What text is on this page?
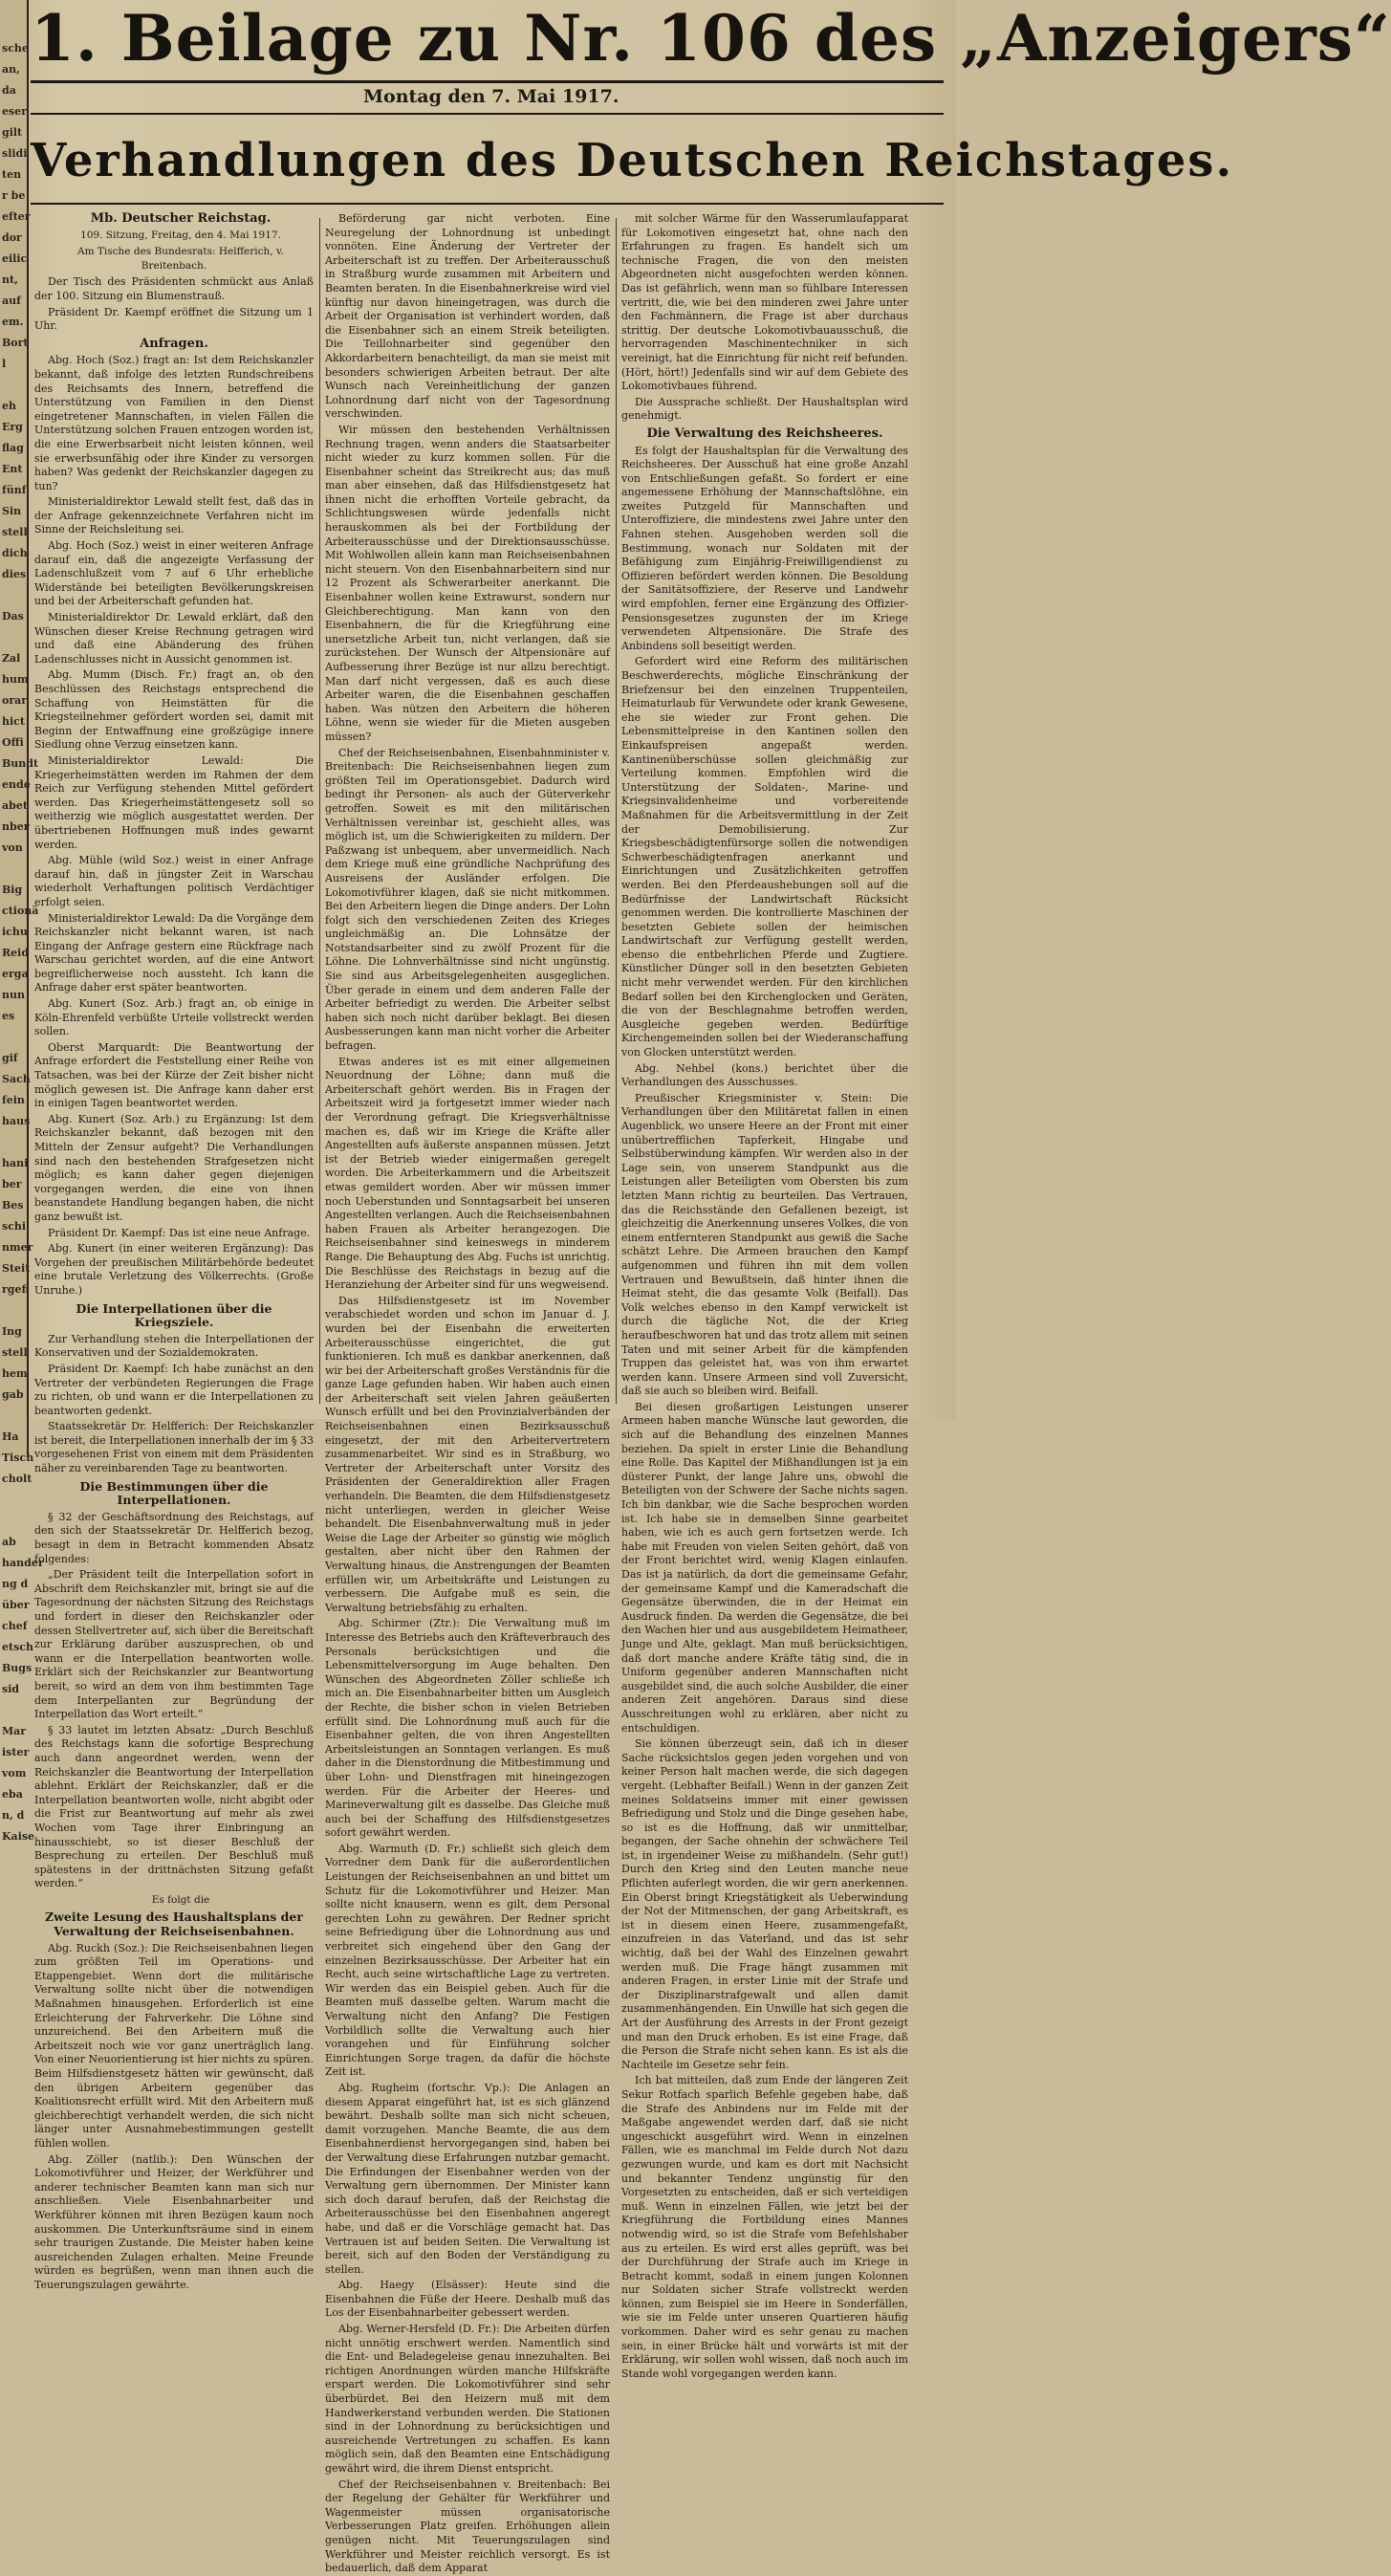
sche
an,
da
eser
gilt
slidi
ten
r be
efter
dor
eilic
nt,
auf
em.
Bort
l

eh
Erg
flag
Ent
fünf
Sin
stell
dich
dies

Das

Zal
hum
orar
hict
Offi
Bundt
ende
abet
nber
von

Big
ctionä
ichu
Reid
erga
nun
es

gif
Sach
fein
haus

hani
ber
Bes
schi
nmer
Steit
rgefi

Ing
stell
hem
gab

Ha
Tisch
cholt

ab
hander
ng d
über
chef
etsch
Bugs
sid

Mar
ister
vom
eba
n, d
Kaise
1. Beilage zu Nr. 106 des „Anzeigers“
Montag den 7. Mai 1917.
Verhandlungen des Deutschen Reichstages.

Mb. Deutscher Reichstag.

109. Sitzung, Freitag, den 4. Mai 1917.

Am Tische des Bundesrats: Helfferich, v. Breitenbach.

Der Tisch des Präsidenten schmückt aus Anlaß der 100. Sitzung ein Blumenstrauß.

Präsident Dr. Kaempf eröffnet die Sitzung um 1 Uhr.

Anfragen.

Abg. Hoch (Soz.) fragt an: Ist dem Reichskanzler bekannt, daß infolge des letzten Rundschreibens des Reichsamts des Innern, betreffend die Unterstützung von Familien in den Dienst eingetretener Mannschaften, in vielen Fällen die Unterstützung solchen Frauen entzogen worden ist, die eine Erwerbsarbeit nicht leisten können, weil sie erwerbsunfähig oder ihre Kinder zu versorgen haben? Was gedenkt der Reichskanzler dagegen zu tun?

Ministerialdirektor Lewald stellt fest, daß das in der Anfrage gekennzeichnete Verfahren nicht im Sinne der Reichsleitung sei.

Abg. Hoch (Soz.) weist in einer weiteren Anfrage darauf ein, daß die angezeigte Verfassung der Ladenschlußzeit vom 7 auf 6 Uhr erhebliche Widerstände bei beteiligten Bevölkerungskreisen und bei der Arbeiterschaft gefunden hat.

Ministerialdirektor Dr. Lewald erklärt, daß den Wünschen dieser Kreise Rechnung getragen wird und daß eine Abänderung des frühen Ladenschlusses nicht in Aussicht genommen ist.

Abg. Mumm (Disch. Fr.) fragt an, ob den Beschlüssen des Reichstags entsprechend die Schaffung von Heimstätten für die Kriegsteilnehmer gefördert worden sei, damit mit Beginn der Entwaffnung eine großzügige innere Siedlung ohne Verzug einsetzen kann.

Ministerialdirektor Lewald: Die Kriegerheimstätten werden im Rahmen der dem Reich zur Verfügung stehenden Mittel gefördert werden. Das Kriegerheimstättengesetz soll so weitherzig wie möglich ausgestattet werden. Der übertriebenen Hoffnungen muß indes gewarnt werden.

Abg. Mühle (wild Soz.) weist in einer Anfrage darauf hin, daß in jüngster Zeit in Warschau wiederholt Verhaftungen politisch Verdächtiger erfolgt seien.

Ministerialdirektor Lewald: Da die Vorgänge dem Reichskanzler nicht bekannt waren, ist nach Eingang der Anfrage gestern eine Rückfrage nach Warschau gerichtet worden, auf die eine Antwort begreiflicherweise noch aussteht. Ich kann die Anfrage daher erst später beantworten.

Abg. Kunert (Soz. Arb.) fragt an, ob einige in Köln-Ehrenfeld verbüßte Urteile vollstreckt werden sollen.

Oberst Marquardt: Die Beantwortung der Anfrage erfordert die Feststellung einer Reihe von Tatsachen, was bei der Kürze der Zeit bisher nicht möglich gewesen ist. Die Anfrage kann daher erst in einigen Tagen beantwortet werden.

Abg. Kunert (Soz. Arb.) zu Ergänzung: Ist dem Reichskanzler bekannt, daß bezogen mit den Mitteln der Zensur aufgeht? Die Verhandlungen sind nach den bestehenden Strafgesetzen nicht möglich; es kann daher gegen diejenigen vorgegangen werden, die eine von ihnen beanstandete Handlung begangen haben, die nicht ganz bewußt ist.

Präsident Dr. Kaempf: Das ist eine neue Anfrage.

Abg. Kunert (in einer weiteren Ergänzung): Das Vorgehen der preußischen Militärbehörde bedeutet eine brutale Verletzung des Völkerrechts. (Große Unruhe.)

Die Interpellationen über die Kriegsziele.

Zur Verhandlung stehen die Interpellationen der Konservativen und der Sozialdemokraten.

Präsident Dr. Kaempf: Ich habe zunächst an den Vertreter der verbündeten Regierungen die Frage zu richten, ob und wann er die Interpellationen zu beantworten gedenkt.

Staatssekretär Dr. Helfferich: Der Reichskanzler ist bereit, die Interpellationen innerhalb der im § 33 vorgesehenen Frist von einem mit dem Präsidenten näher zu vereinbarenden Tage zu beantworten.

Die Bestimmungen über die Interpellationen.

§ 32 der Geschäftsordnung des Reichstags, auf den sich der Staatssekretär Dr. Helfferich bezog, besagt in dem in Betracht kommenden Absatz folgendes:

„Der Präsident teilt die Interpellation sofort in Abschrift dem Reichskanzler mit, bringt sie auf die Tagesordnung der nächsten Sitzung des Reichstags und fordert in dieser den Reichskanzler oder dessen Stellvertreter auf, sich über die Bereitschaft zur Erklärung darüber auszusprechen, ob und wann er die Interpellation beantworten wolle. Erklärt sich der Reichskanzler zur Beantwortung bereit, so wird an dem von ihm bestimmten Tage dem Interpellanten zur Begründung der Interpellation das Wort erteilt.“

§ 33 lautet im letzten Absatz: „Durch Beschluß des Reichstags kann die sofortige Besprechung auch dann angeordnet werden, wenn der Reichskanzler die Beantwortung der Interpellation ablehnt. Erklärt der Reichskanzler, daß er die Interpellation beantworten wolle, nicht abgibt oder die Frist zur Beantwortung auf mehr als zwei Wochen vom Tage ihrer Einbringung an hinausschiebt, so ist dieser Beschluß der Besprechung zu erteilen. Der Beschluß muß spätestens in der drittnächsten Sitzung gefaßt werden.“

Es folgt die

Zweite Lesung des Haushaltsplans der Verwaltung der Reichseisenbahnen.

Abg. Ruckh (Soz.): Die Reichseisenbahnen liegen zum größten Teil im Operations- und Etappengebiet. Wenn dort die militärische Verwaltung sollte nicht über die notwendigen Maßnahmen hinausgehen. Erforderlich ist eine Erleichterung der Fahrverkehr. Die Löhne sind unzureichend. Bei den Arbeitern muß die Arbeitszeit noch wie vor ganz unerträglich lang. Von einer Neuorientierung ist hier nichts zu spüren. Beim Hilfsdienstgesetz hätten wir gewünscht, daß den übrigen Arbeitern gegenüber das Koalitionsrecht erfüllt wird. Mit den Arbeitern muß gleichberechtigt verhandelt werden, die sich nicht länger unter Ausnahmebestimmungen gestellt fühlen wollen.

Abg. Zöller (natlib.): Den Wünschen der Lokomotivführer und Heizer, der Werkführer und anderer technischer Beamten kann man sich nur anschließen. Viele Eisenbahnarbeiter und Werkführer können mit ihren Bezügen kaum noch auskommen. Die Unterkunftsräume sind in einem sehr traurigen Zustande. Die Meister haben keine ausreichenden Zulagen erhalten. Meine Freunde würden es begrüßen, wenn man ihnen auch die Teuerungszulagen gewährte.

Beförderung gar nicht verboten. Eine Neuregelung der Lohnordnung ist unbedingt vonnöten. Eine Änderung der Vertreter der Arbeiterschaft ist zu treffen. Der Arbeiterausschuß in Straßburg wurde zusammen mit Arbeitern und Beamten beraten. In die Eisenbahnerkreise wird viel künftig nur davon hineingetragen, was durch die Arbeit der Organisation ist verhindert worden, daß die Eisenbahner sich an einem Streik beteiligten. Die Teillohnarbeiter sind gegenüber den Akkordarbeitern benachteiligt, da man sie meist mit besonders schwierigen Arbeiten betraut. Der alte Wunsch nach Vereinheitlichung der ganzen Lohnordnung darf nicht von der Tagesordnung verschwinden.

Wir müssen den bestehenden Verhältnissen Rechnung tragen, wenn anders die Staatsarbeiter nicht wieder zu kurz kommen sollen. Für die Eisenbahner scheint das Streikrecht aus; das muß man aber einsehen, daß das Hilfsdienstgesetz hat ihnen nicht die erhofften Vorteile gebracht, da Schlichtungswesen würde jedenfalls nicht herauskommen als bei der Fortbildung der Arbeiterausschüsse und der Direktionsausschüsse. Mit Wohlwollen allein kann man Reichseisenbahnen nicht steuern. Von den Eisenbahnarbeitern sind nur 12 Prozent als Schwerarbeiter anerkannt. Die Eisenbahner wollen keine Extrawurst, sondern nur Gleichberechtigung. Man kann von den Eisenbahnern, die für die Kriegführung eine unersetzliche Arbeit tun, nicht verlangen, daß sie zurückstehen. Der Wunsch der Altpensionäre auf Aufbesserung ihrer Bezüge ist nur allzu berechtigt. Man darf nicht vergessen, daß es auch diese Arbeiter waren, die die Eisenbahnen geschaffen haben. Was nützen den Arbeitern die höheren Löhne, wenn sie wieder für die Mieten ausgeben müssen?

Chef der Reichseisenbahnen, Eisenbahnminister v. Breitenbach: Die Reichseisenbahnen liegen zum größten Teil im Operationsgebiet. Dadurch wird bedingt ihr Personen- als auch der Güterverkehr getroffen. Soweit es mit den militärischen Verhältnissen vereinbar ist, geschieht alles, was möglich ist, um die Schwierigkeiten zu mildern. Der Paßzwang ist unbequem, aber unvermeidlich. Nach dem Kriege muß eine gründliche Nachprüfung des Ausreisens der Ausländer erfolgen. Die Lokomotivführer klagen, daß sie nicht mitkommen. Bei den Arbeitern liegen die Dinge anders. Der Lohn folgt sich den verschiedenen Zeiten des Krieges ungleichmäßig an. Die Lohnsätze der Notstandsarbeiter sind zu zwölf Prozent für die Löhne. Die Lohnverhältnisse sind nicht ungünstig. Sie sind aus Arbeitsgelegenheiten ausgeglichen. Über gerade in einem und dem anderen Falle der Arbeiter befriedigt zu werden. Die Arbeiter selbst haben sich noch nicht darüber beklagt. Bei diesen Ausbesserungen kann man nicht vorher die Arbeiter befragen.

Etwas anderes ist es mit einer allgemeinen Neuordnung der Löhne; dann muß die Arbeiterschaft gehört werden. Bis in Fragen der Arbeitszeit wird ja fortgesetzt immer wieder nach der Verordnung gefragt. Die Kriegsverhältnisse machen es, daß wir im Kriege die Kräfte aller Angestellten aufs äußerste anspannen müssen. Jetzt ist der Betrieb wieder einigermaßen geregelt worden. Die Arbeiterkammern und die Arbeitszeit etwas gemildert worden. Aber wir müssen immer noch Ueberstunden und Sonntagsarbeit bei unseren Angestellten verlangen. Auch die Reichseisenbahnen haben Frauen als Arbeiter herangezogen. Die Reichseisenbahner sind keineswegs in minderem Range. Die Behauptung des Abg. Fuchs ist unrichtig. Die Beschlüsse des Reichstags in bezug auf die Heranziehung der Arbeiter sind für uns wegweisend.

Das Hilfsdienstgesetz ist im November verabschiedet worden und schon im Januar d. J. wurden bei der Eisenbahn die erweiterten Arbeiterausschüsse eingerichtet, die gut funktionieren. Ich muß es dankbar anerkennen, daß wir bei der Arbeiterschaft großes Verständnis für die ganze Lage gefunden haben. Wir haben auch einen der Arbeiterschaft seit vielen Jahren geäußerten Wunsch erfüllt und bei den Provinzialverbänden der Reichseisenbahnen einen Bezirksausschuß eingesetzt, der mit den Arbeitervertretern zusammenarbeitet. Wir sind es in Straßburg, wo Vertreter der Arbeiterschaft unter Vorsitz des Präsidenten der Generaldirektion aller Fragen verhandeln. Die Beamten, die dem Hilfsdienstgesetz nicht unterliegen, werden in gleicher Weise behandelt. Die Eisenbahnverwaltung muß in jeder Weise die Lage der Arbeiter so günstig wie möglich gestalten, aber nicht über den Rahmen der Verwaltung hinaus, die Anstrengungen der Beamten erfüllen wir, um Arbeitskräfte und Leistungen zu verbessern. Die Aufgabe muß es sein, die Verwaltung betriebsfähig zu erhalten.

Abg. Schirmer (Ztr.): Die Verwaltung muß im Interesse des Betriebs auch den Kräfteverbrauch des Personals berücksichtigen und die Lebensmittelversorgung im Auge behalten. Den Wünschen des Abgeordneten Zöller schließe ich mich an. Die Eisenbahnarbeiter bitten um Ausgleich der Rechte, die bisher schon in vielen Betrieben erfüllt sind. Die Lohnordnung muß auch für die Eisenbahner gelten, die von ihren Angestellten Arbeitsleistungen an Sonntagen verlangen. Es muß daher in die Dienstordnung die Mitbestimmung und über Lohn- und Dienstfragen mit hineingezogen werden. Für die Arbeiter der Heeres- und Marineverwaltung gilt es dasselbe. Das Gleiche muß auch bei der Schaffung des Hilfsdienstgesetzes sofort gewährt werden.

Abg. Warmuth (D. Fr.) schließt sich gleich dem Vorredner dem Dank für die außerordentlichen Leistungen der Reichseisenbahnen an und bittet um Schutz für die Lokomotivführer und Heizer. Man sollte nicht knausern, wenn es gilt, dem Personal gerechten Lohn zu gewähren. Der Redner spricht seine Befriedigung über die Lohnordnung aus und verbreitet sich eingehend über den Gang der einzelnen Bezirksausschüsse. Der Arbeiter hat ein Recht, auch seine wirtschaftliche Lage zu vertreten. Wir werden das ein Beispiel geben. Auch für die Beamten muß dasselbe gelten. Warum macht die Verwaltung nicht den Anfang? Die Festigen Vorbildlich sollte die Verwaltung auch hier vorangehen und für Einführung solcher Einrichtungen Sorge tragen, da dafür die höchste Zeit ist.

Abg. Rugheim (fortschr. Vp.): Die Anlagen an diesem Apparat eingeführt hat, ist es sich glänzend bewährt. Deshalb sollte man sich nicht scheuen, damit vorzugehen. Manche Beamte, die aus dem Eisenbahnerdienst hervorgegangen sind, haben bei der Verwaltung diese Erfahrungen nutzbar gemacht. Die Erfindungen der Eisenbahner werden von der Verwaltung gern übernommen. Der Minister kann sich doch darauf berufen, daß der Reichstag die Arbeiterausschüsse bei den Eisenbahnen angeregt habe, und daß er die Vorschläge gemacht hat. Das Vertrauen ist auf beiden Seiten. Die Verwaltung ist bereit, sich auf den Boden der Verständigung zu stellen.

Abg. Haegy (Elsässer): Heute sind die Eisenbahnen die Füße der Heere. Deshalb muß das Los der Eisenbahnarbeiter gebessert werden.

Abg. Werner-Hersfeld (D. Fr.): Die Arbeiten dürfen nicht unnötig erschwert werden. Namentlich sind die Ent- und Beladegeleise genau innezuhalten. Bei richtigen Anordnungen würden manche Hilfskräfte erspart werden. Die Lokomotivführer sind sehr überbürdet. Bei den Heizern muß mit dem Handwerkerstand verbunden werden. Die Stationen sind in der Lohnordnung zu berücksichtigen und ausreichende Vertretungen zu schaffen. Es kann möglich sein, daß den Beamten eine Entschädigung gewährt wird, die ihrem Dienst entspricht.

Chef der Reichseisenbahnen v. Breitenbach: Bei der Regelung der Gehälter für Werkführer und Wagenmeister müssen organisatorische Verbesserungen Platz greifen. Erhöhungen allein genügen nicht. Mit Teuerungszulagen sind Werkführer und Meister reichlich versorgt. Es ist bedauerlich, daß dem Apparat

mit solcher Wärme für den Wasserumlaufapparat für Lokomotiven eingesetzt hat, ohne nach den Erfahrungen zu fragen. Es handelt sich um technische Fragen, die von den meisten Abgeordneten nicht ausgefochten werden können. Das ist gefährlich, wenn man so fühlbare Interessen vertritt, die, wie bei den minderen zwei Jahre unter den Fachmännern, die Frage ist aber durchaus strittig. Der deutsche Lokomotivbauausschuß, die hervorragenden Maschinentechniker in sich vereinigt, hat die Einrichtung für nicht reif befunden. (Hört, hört!) Jedenfalls sind wir auf dem Gebiete des Lokomotivbaues führend.

Die Aussprache schließt. Der Haushaltsplan wird genehmigt.

Die Verwaltung des Reichsheeres.

Es folgt der Haushaltsplan für die Verwaltung des Reichsheeres. Der Ausschuß hat eine große Anzahl von Entschließungen gefaßt. So fordert er eine angemessene Erhöhung der Mannschaftslöhne, ein zweites Putzgeld für Mannschaften und Unteroffiziere, die mindestens zwei Jahre unter den Fahnen stehen. Ausgehoben werden soll die Bestimmung, wonach nur Soldaten mit der Befähigung zum Einjährig-Freiwilligendienst zu Offizieren befördert werden können. Die Besoldung der Sanitätsoffiziere, der Reserve und Landwehr wird empfohlen, ferner eine Ergänzung des Offizier-Pensionsgesetzes zugunsten der im Kriege verwendeten Altpensionäre. Die Strafe des Anbindens soll beseitigt werden.

Gefordert wird eine Reform des militärischen Beschwerderechts, mögliche Einschränkung der Briefzensur bei den einzelnen Truppenteilen, Heimaturlaub für Verwundete oder krank Gewesene, ehe sie wieder zur Front gehen. Die Lebensmittelpreise in den Kantinen sollen den Einkaufspreisen angepaßt werden. Kantinenüberschüsse sollen gleichmäßig zur Verteilung kommen. Empfohlen wird die Unterstützung der Soldaten-, Marine- und Kriegsinvalidenheime und vorbereitende Maßnahmen für die Arbeitsvermittlung in der Zeit der Demobilisierung. Zur Kriegsbeschädigtenfürsorge sollen die notwendigen Schwerbeschädigtenfragen anerkannt und Einrichtungen und Zusätzlichkeiten getroffen werden. Bei den Pferdeaushebungen soll auf die Bedürfnisse der Landwirtschaft Rücksicht genommen werden. Die kontrollierte Maschinen der besetzten Gebiete sollen der heimischen Landwirtschaft zur Verfügung gestellt werden, ebenso die entbehrlichen Pferde und Zugtiere. Künstlicher Dünger soll in den besetzten Gebieten nicht mehr verwendet werden. Für den kirchlichen Bedarf sollen bei den Kirchenglocken und Geräten, die von der Beschlagnahme betroffen werden, Ausgleiche gegeben werden. Bedürftige Kirchengemeinden sollen bei der Wiederanschaffung von Glocken unterstützt werden.

Abg. Nehbel (kons.) berichtet über die Verhandlungen des Ausschusses.

Preußischer Kriegsminister v. Stein: Die Verhandlungen über den Militäretat fallen in einen Augenblick, wo unsere Heere an der Front mit einer unübertrefflichen Tapferkeit, Hingabe und Selbstüberwindung kämpfen. Wir werden also in der Lage sein, von unserem Standpunkt aus die Leistungen aller Beteiligten vom Obersten bis zum letzten Mann richtig zu beurteilen. Das Vertrauen, das die Reichsstände den Gefallenen bezeigt, ist gleichzeitig die Anerkennung unseres Volkes, die von einem entfernteren Standpunkt aus gewiß die Sache schätzt Lehre. Die Armeen brauchen den Kampf aufgenommen und führen ihn mit dem vollen Vertrauen und Bewußtsein, daß hinter ihnen die Heimat steht, die das gesamte Volk (Beifall). Das Volk welches ebenso in den Kampf verwickelt ist durch die tägliche Not, die der Krieg heraufbeschworen hat und das trotz allem mit seinen Taten und mit seiner Arbeit für die kämpfenden Truppen das geleistet hat, was von ihm erwartet werden kann. Unsere Armeen sind voll Zuversicht, daß sie auch so bleiben wird. Beifall.

Bei diesen großartigen Leistungen unserer Armeen haben manche Wünsche laut geworden, die sich auf die Behandlung des einzelnen Mannes beziehen. Da spielt in erster Linie die Behandlung eine Rolle. Das Kapitel der Mißhandlungen ist ja ein düsterer Punkt, der lange Jahre uns, obwohl die Beteiligten von der Schwere der Sache nichts sagen. Ich bin dankbar, wie die Sache besprochen worden ist. Ich habe sie in demselben Sinne gearbeitet haben, wie ich es auch gern fortsetzen werde. Ich habe mit Freuden von vielen Seiten gehört, daß von der Front berichtet wird, wenig Klagen einlaufen. Das ist ja natürlich, da dort die gemeinsame Gefahr, der gemeinsame Kampf und die Kameradschaft die Gegensätze überwinden, die in der Heimat ein Ausdruck finden. Da werden die Gegensätze, die bei den Wachen hier und aus ausgebildetem Heimatheer, Junge und Alte, geklagt. Man muß berücksichtigen, daß dort manche andere Kräfte tätig sind, die in Uniform gegenüber anderen Mannschaften nicht ausgebildet sind, die auch solche Ausbilder, die einer anderen Zeit angehören. Daraus sind diese Ausschreitungen wohl zu erklären, aber nicht zu entschuldigen.

Sie können überzeugt sein, daß ich in dieser Sache rücksichtslos gegen jeden vorgehen und von keiner Person halt machen werde, die sich dagegen vergeht. (Lebhafter Beifall.) Wenn in der ganzen Zeit meines Soldatseins immer mit einer gewissen Befriedigung und Stolz und die Dinge gesehen habe, so ist es die Hoffnung, daß wir unmittelbar, begangen, der Sache ohnehin der schwächere Teil ist, in irgendeiner Weise zu mißhandeln. (Sehr gut!) Durch den Krieg sind den Leuten manche neue Pflichten auferlegt worden, die wir gern anerkennen. Ein Oberst bringt Kriegstätigkeit als Ueberwindung der Not der Mitmenschen, der gang Arbeitskraft, es ist in diesem einen Heere, zusammengefaßt, einzufreien in das Vaterland, und das ist sehr wichtig, daß bei der Wahl des Einzelnen gewahrt werden muß. Die Frage hängt zusammen mit anderen Fragen, in erster Linie mit der Strafe und der Disziplinarstrafgewalt und allen damit zusammenhängenden. Ein Unwille hat sich gegen die Art der Ausführung des Arrests in der Front gezeigt und man den Druck erhoben. Es ist eine Frage, daß die Person die Strafe nicht sehen kann. Es ist als die Nachteile im Gesetze sehr fein.

Ich bat mitteilen, daß zum Ende der längeren Zeit Sekur Rotfach sparlich Befehle gegeben habe, daß die Strafe des Anbindens nur im Felde mit der Maßgabe angewendet werden darf, daß sie nicht ungeschickt ausgeführt wird. Wenn in einzelnen Fällen, wie es manchmal im Felde durch Not dazu gezwungen wurde, und kam es dort mit Nachsicht und bekannter Tendenz ungünstig für den Vorgesetzten zu entscheiden, daß er sich verteidigen muß. Wenn in einzelnen Fällen, wie jetzt bei der Kriegführung die Fortbildung eines Mannes notwendig wird, so ist die Strafe vom Befehlshaber aus zu erteilen. Es wird erst alles geprüft, was bei der Durchführung der Strafe auch im Kriege in Betracht kommt, sodaß in einem jungen Kolonnen nur Soldaten sicher Strafe vollstreckt werden können, zum Beispiel sie im Heere in Sonderfällen, wie sie im Felde unter unseren Quartieren häufig vorkommen. Daher wird es sehr genau zu machen sein, in einer Brücke hält und vorwärts ist mit der Erklärung, wir sollen wohl wissen, daß noch auch im Stande wohl vorgegangen werden kann.
